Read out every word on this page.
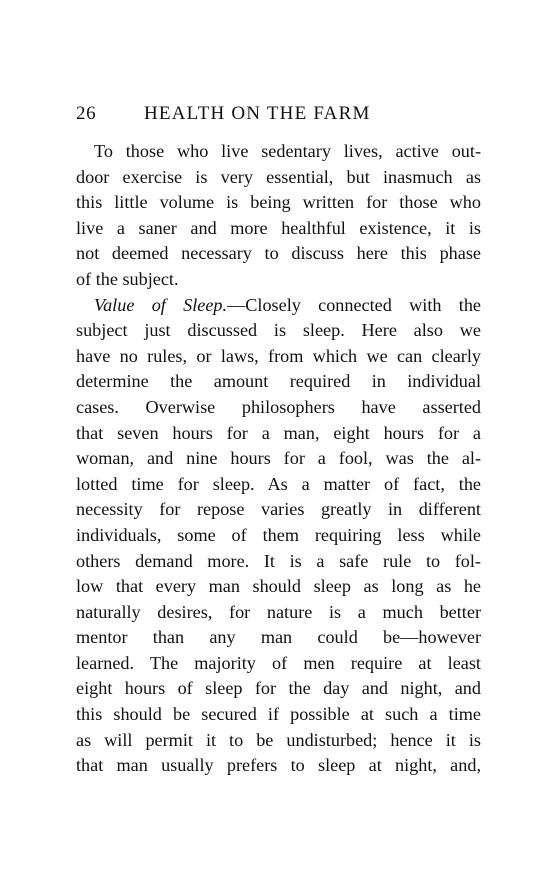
26	HEALTH ON THE FARM
To those who live sedentary lives, active out-
door exercise is very essential, but inasmuch as
this little volume is being written for those who
live a saner and more healthful existence, it is
not deemed necessary to discuss here this phase
of the subject.
Value of Sleep.—Closely connected with the
subject just discussed is sleep. Here also we
have no rules, or laws, from which we can clearly
determine the amount required in individual
cases. Overwise philosophers have asserted
that seven hours for a man, eight hours for a
woman, and nine hours for a fool, was the al-
lotted time for sleep. As a matter of fact, the
necessity for repose varies greatly in different
individuals, some of them requiring less while
others demand more. It is a safe rule to fol-
low that every man should sleep as long as he
naturally desires, for nature is a much better
mentor than any man could be—however
learned. The majority of men require at least
eight hours of sleep for the day and night, and
this should be secured if possible at such a time
as will permit it to be undisturbed; hence it is
that man usually prefers to sleep at night, and,
